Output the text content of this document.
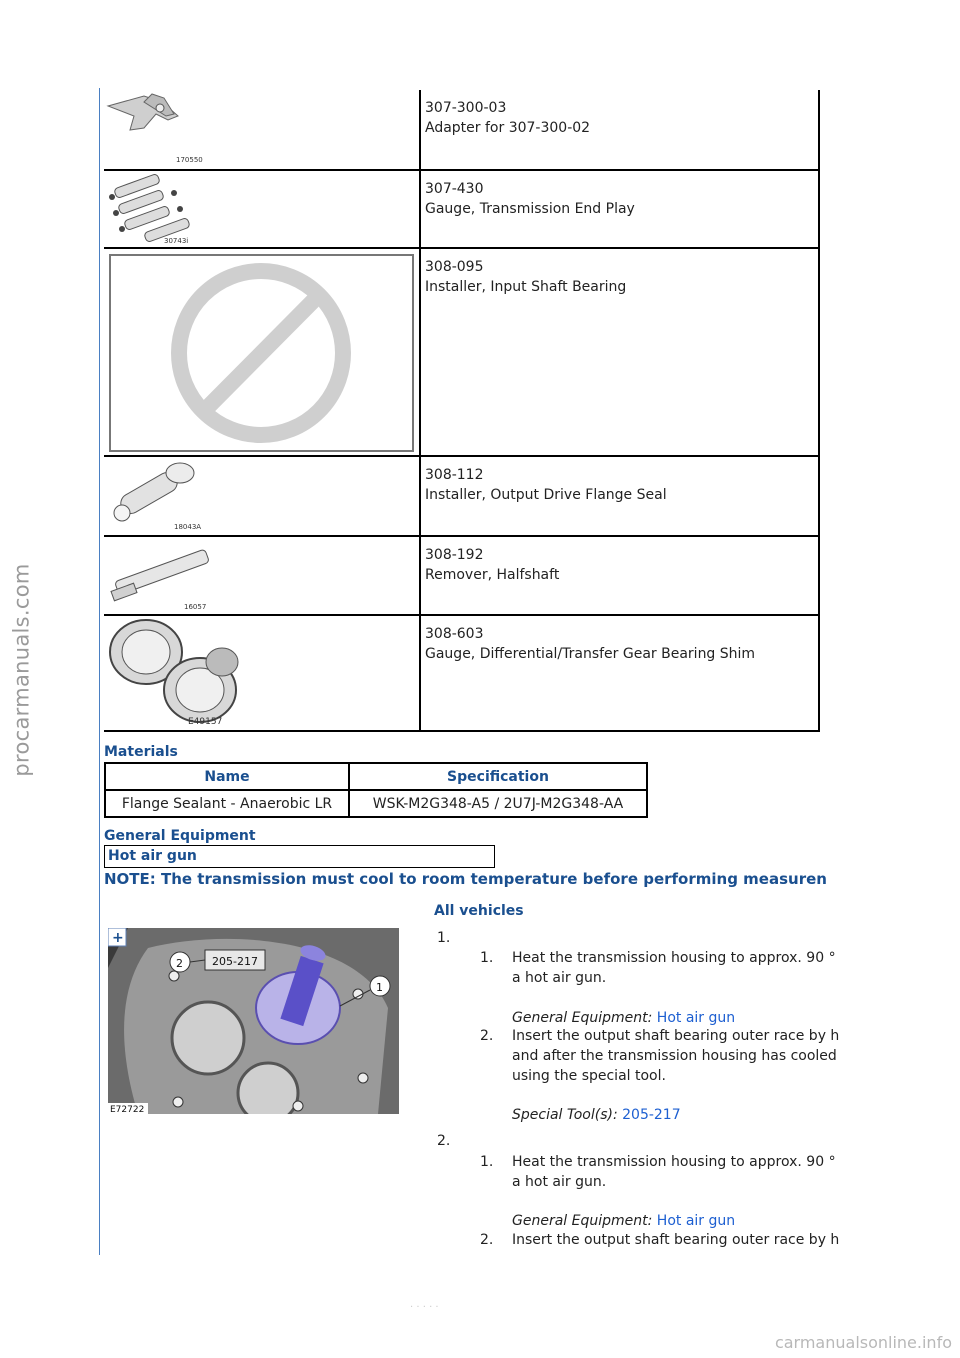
procarmanuals.com
170550	307-300-03
Adapter for 307-300-02

30743i	307-430
Gauge, Transmission End Play

308-095
Installer, Input Shaft Bearing

18043A	308-112
Installer, Output Drive Flange Seal

16057	308-192
Remover, Halfshaft

E49157	308-603
Gauge, Differential/Transfer Gear Bearing Shim
Materials
Name	Specification
Flange Sealant - Anaerobic LR	WSK-M2G348-A5 / 2U7J-M2G348-AA
General Equipment
Hot air gun
NOTE: The transmission must cool to room temperature before performing measuren
All vehicles
+
205-217
2
1
E72722
1.
1. Heat the transmission housing to approx. 90 °
a hot air gun.
General Equipment: Hot air gun
2. Insert the output shaft bearing outer race by h
and after the transmission housing has cooled
using the special tool.
Special Tool(s): 205-217
2.
1. Heat the transmission housing to approx. 90 °
a hot air gun.
General Equipment: Hot air gun
2. Insert the output shaft bearing outer race by h
· · · · ·
carmanualsonline.info
